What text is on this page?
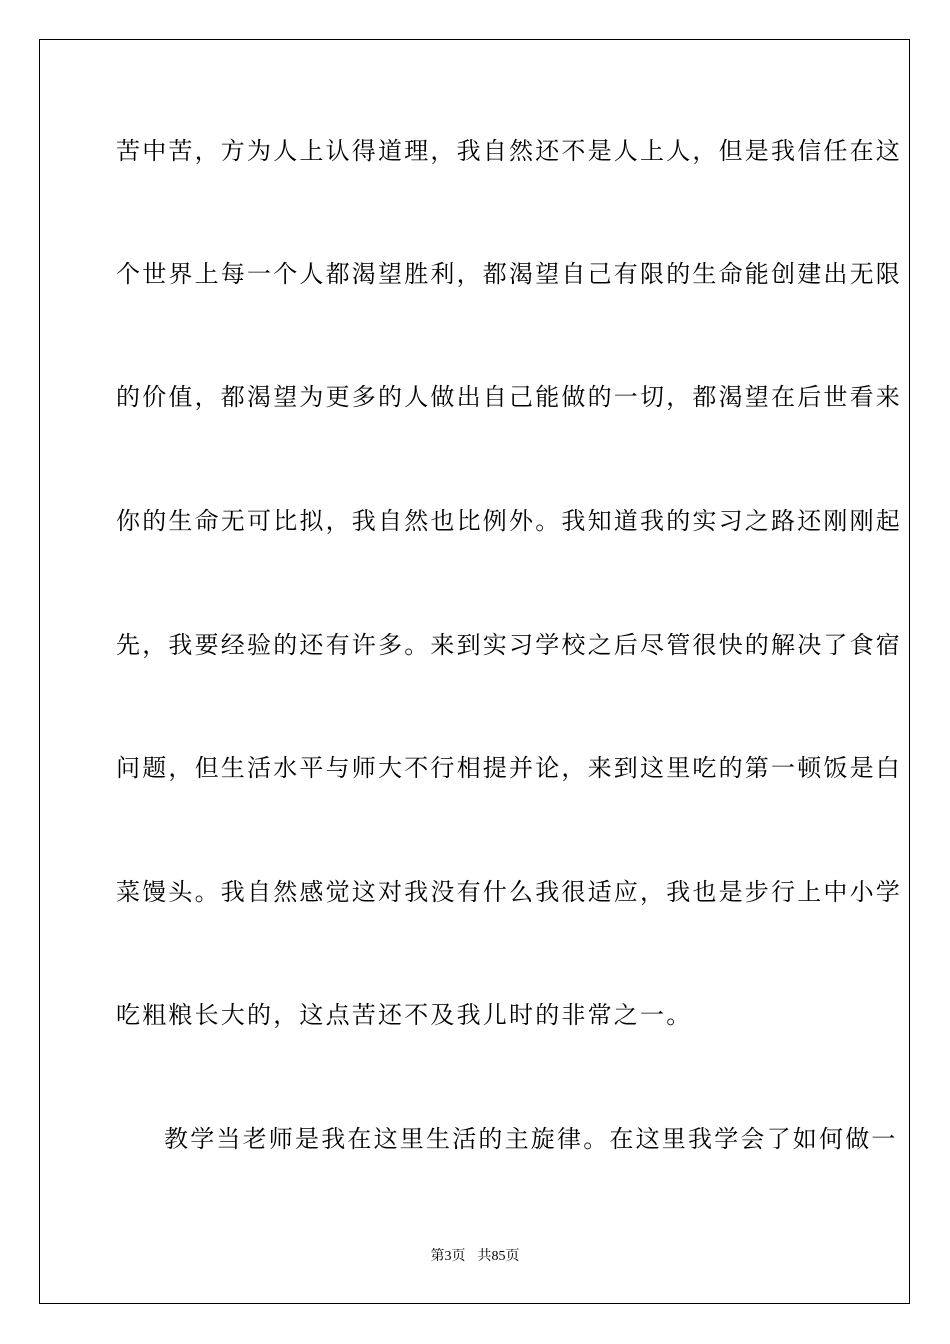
苦中苦，方为人上认得道理，我自然还不是人上人，但是我信任在这
个世界上每一个人都渴望胜利，都渴望自己有限的生命能创建出无限
的价值，都渴望为更多的人做出自己能做的一切，都渴望在后世看来
你的生命无可比拟，我自然也比例外。我知道我的实习之路还刚刚起
先，我要经验的还有许多。来到实习学校之后尽管很快的解决了食宿
问题，但生活水平与师大不行相提并论，来到这里吃的第一顿饭是白
菜馒头。我自然感觉这对我没有什么我很适应，我也是步行上中小学
吃粗粮长大的，这点苦还不及我儿时的非常之一。
教学当老师是我在这里生活的主旋律。在这里我学会了如何做一
第3页 共85页
